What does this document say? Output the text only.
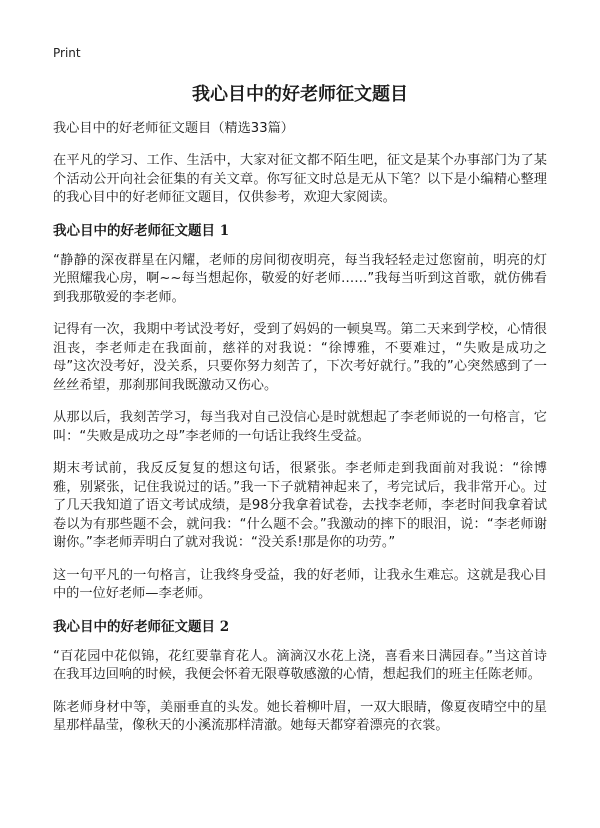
Print
我心目中的好老师征文题目

我心目中的好老师征文题目（精选33篇）

在平凡的学习、工作、生活中，大家对征文都不陌生吧，征文是某个办事部门为了某个活动公开向社会征集的有关文章。你写征文时总是无从下笔？以下是小编精心整理的我心目中的好老师征文题目，仅供参考，欢迎大家阅读。

我心目中的好老师征文题目 1

“静静的深夜群星在闪耀，老师的房间彻夜明亮，每当我轻轻走过您窗前，明亮的灯光照耀我心房，啊~~每当想起你，敬爱的好老师……”我每当听到这首歌，就仿佛看到我那敬爱的李老师。

记得有一次，我期中考试没考好，受到了妈妈的一顿臭骂。第二天来到学校，心情很沮丧，李老师走在我面前，慈祥的对我说：“徐博雅，不要难过，“失败是成功之母”这次没考好，没关系，只要你努力刻苦了，下次考好就行。”我的”心突然感到了一丝丝希望，那刹那间我既激动又伤心。

从那以后，我刻苦学习，每当我对自己没信心是时就想起了李老师说的一句格言，它叫：“失败是成功之母”李老师的一句话让我终生受益。

期末考试前，我反反复复的想这句话，很紧张。李老师走到我面前对我说：“徐博雅，别紧张，记住我说过的话。”我一下子就精神起来了，考完试后，我非常开心。过了几天我知道了语文考试成绩，是98分我拿着试卷，去找李老师，李老时间我拿着试卷以为有那些题不会，就问我：“什么题不会。”我激动的摔下的眼泪，说：“李老师谢谢你。”李老师弄明白了就对我说：“没关系!那是你的功劳。”

这一句平凡的一句格言，让我终身受益，我的好老师，让我永生难忘。这就是我心目中的一位好老师—李老师。

我心目中的好老师征文题目 2

“百花园中花似锦，花红要靠育花人。滴滴汉水花上浇，喜看来日满园春。”当这首诗在我耳边回响的时候，我便会怀着无限尊敬感激的心情，想起我们的班主任陈老师。

陈老师身材中等，美丽垂直的头发。她长着柳叶眉，一双大眼睛，像夏夜晴空中的星星那样晶莹，像秋天的小溪流那样清澈。她每天都穿着漂亮的衣裳。
